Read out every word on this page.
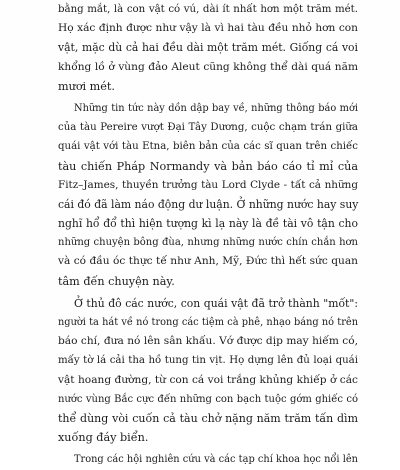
bằng mắt, là con vật có vú, dài ít nhất hơn một trăm mét.
Họ xác định được như vậy là vì hai tàu đều nhỏ hơn con
vật, mặc dù cả hai đều dài một trăm mét. Giống cá voi
khổng lồ ở vùng đảo Aleut cũng không thể dài quá năm
mươi mét.
Những tin tức này dồn dập bay về, những thông báo mới
của tàu Pereire vượt Đại Tây Dương, cuộc chạm trán giữa
quái vật với tàu Etna, biên bản của các sĩ quan trên chiếc
tàu chiến Pháp Normandy và bản báo cáo tỉ mỉ của
Fitz–James, thuyền trưởng tàu Lord Clyde - tất cả những
cái đó đã làm náo động dư luận. Ở những nước hay suy
nghĩ hổ đổ thì hiện tượng kì lạ này là đề tài vô tận cho
những chuyện bông đùa, nhưng những nước chín chắn hơn
và có đầu óc thực tế như Anh, Mỹ, Đức thì hết sức quan
tâm đến chuyện này.
Ở thủ đô các nước, con quái vật đã trở thành "mốt":
người ta hát về nó trong các tiệm cà phê, nhạo báng nó trên
báo chí, đưa nó lên sân khấu. Vớ được dịp may hiếm có,
mấy tờ lá cải tha hồ tung tin vịt. Họ dựng lên đủ loại quái
vật hoang đường, từ con cá voi trắng khủng khiếp ở các
nước vùng Bắc cực đến những con bạch tuộc gớm ghiếc có
thể dùng vòi cuốn cả tàu chở nặng năm trăm tấn dìm
xuống đáy biển.
Trong các hội nghiên cứu và các tạp chí khoa học nổi lên
